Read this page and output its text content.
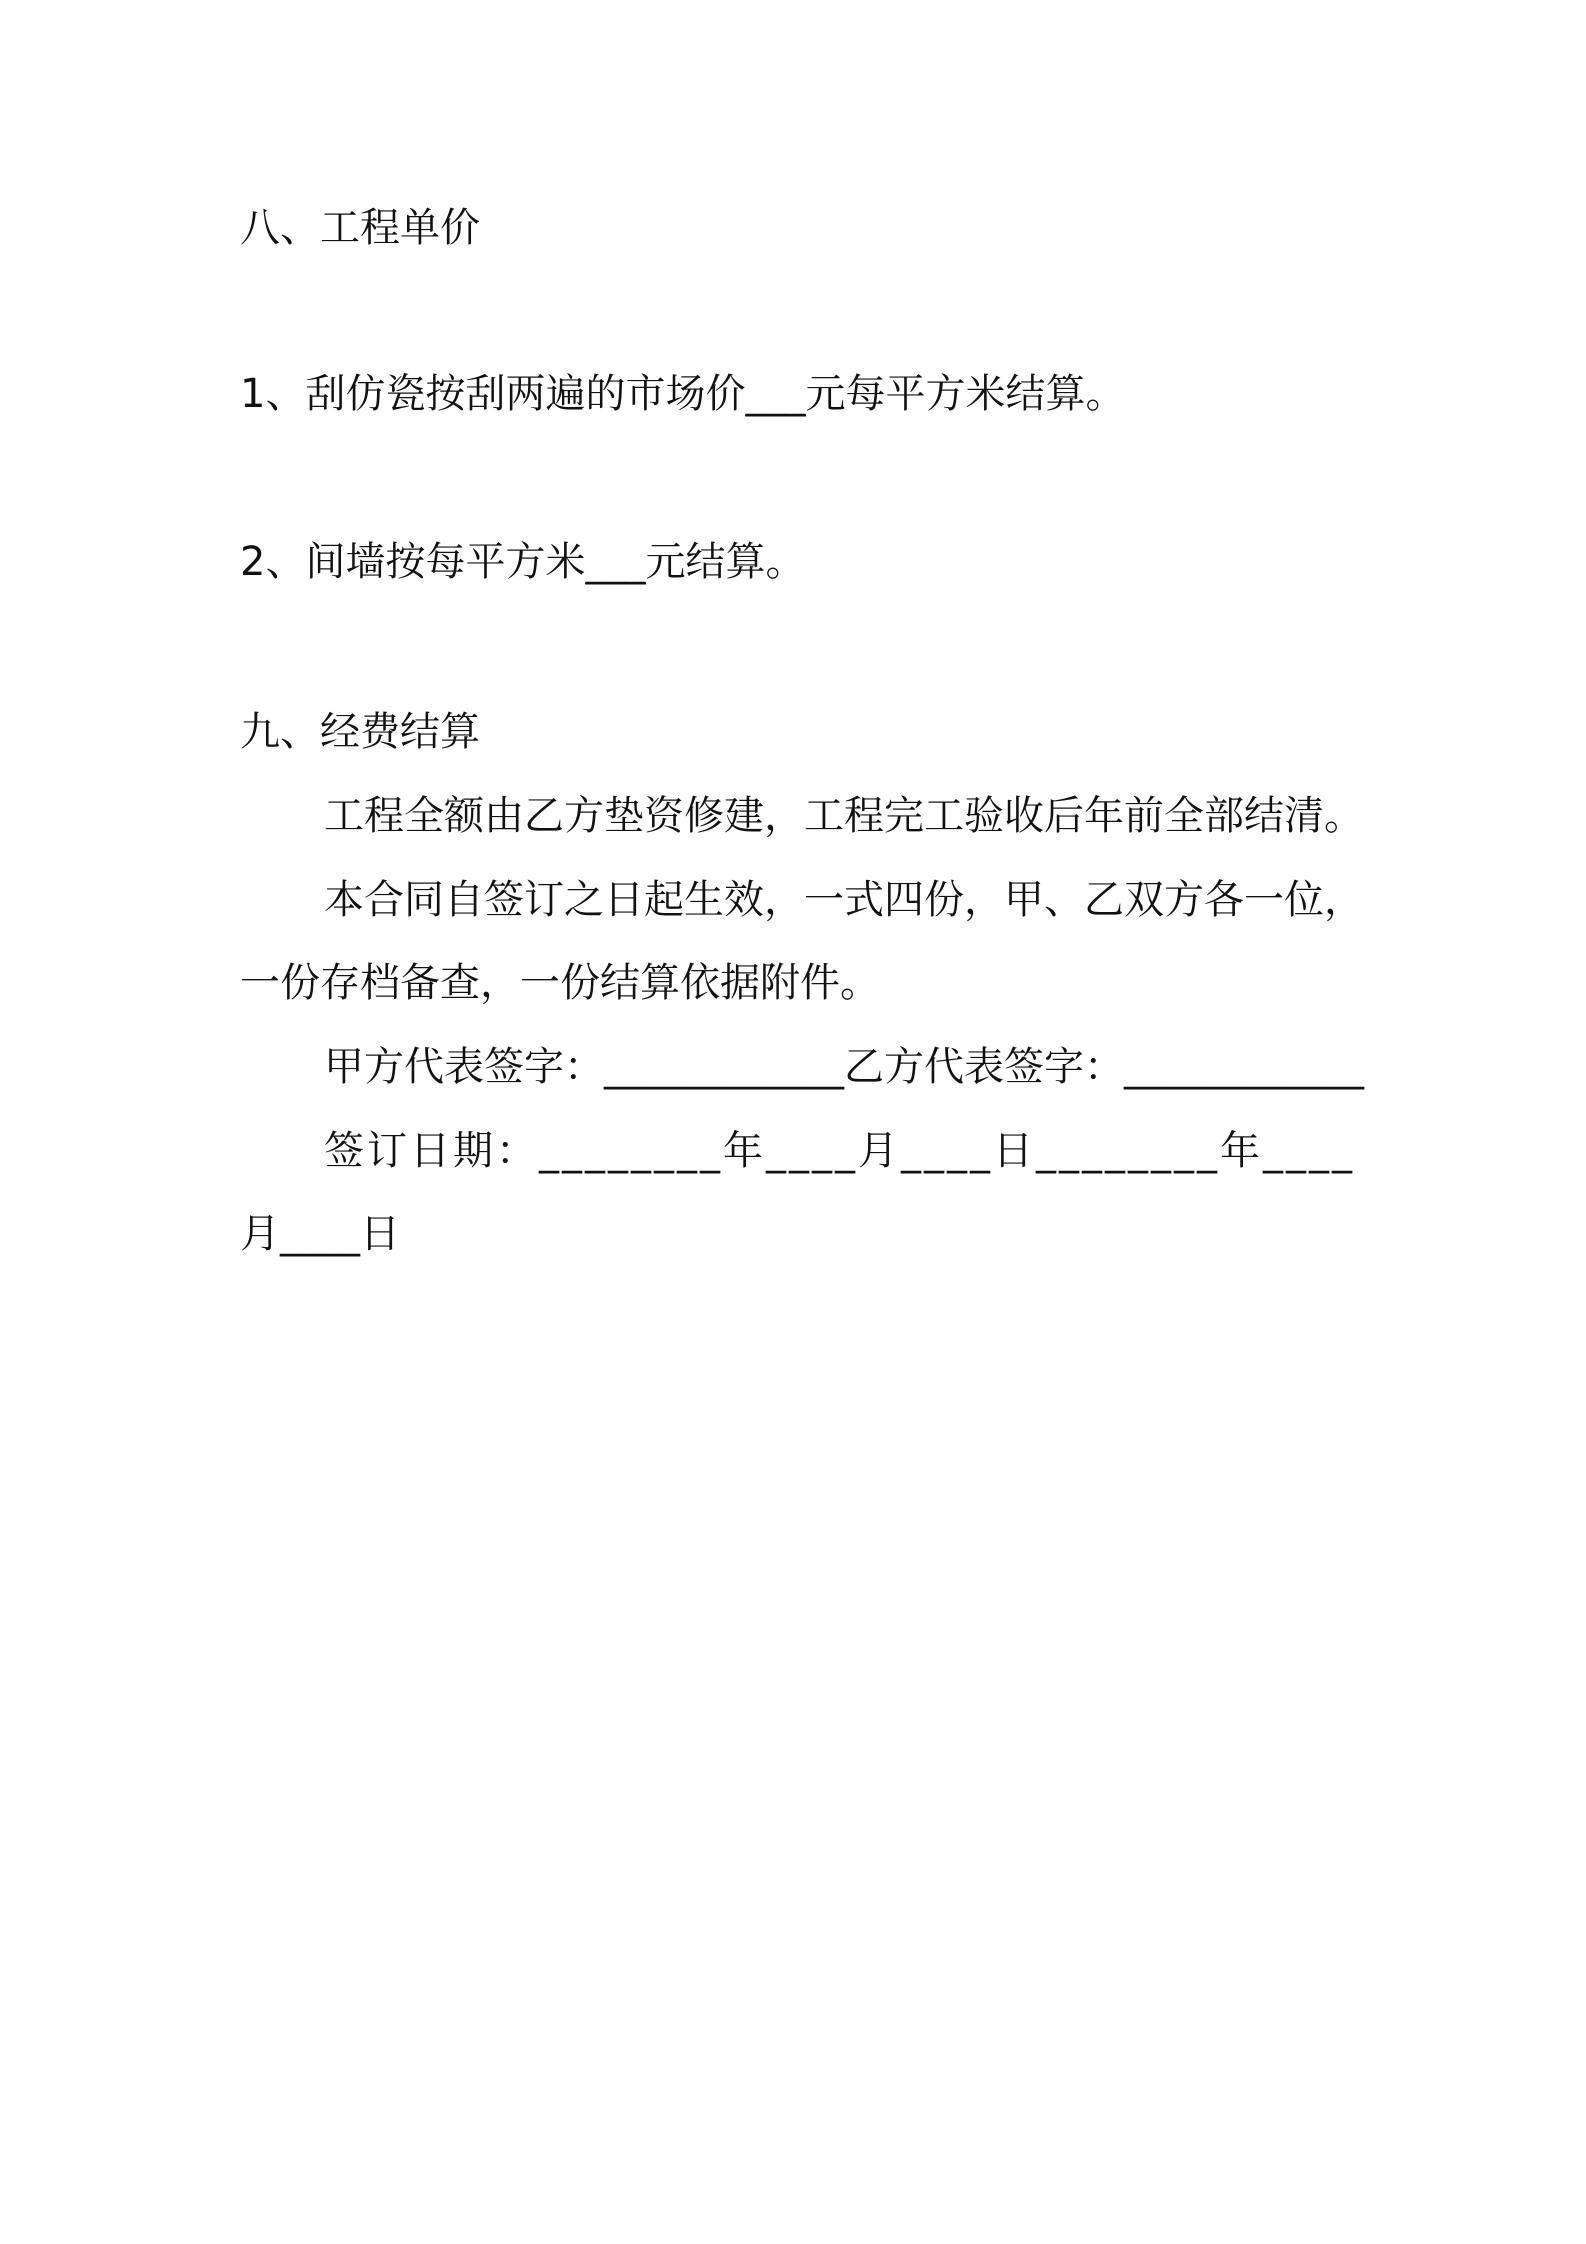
八、工程单价
1、刮仿瓷按刮两遍的市场价___元每平方米结算。
2、间墙按每平方米___元结算。
九、经费结算
工程全额由乙方垫资修建，工程完工验收后年前全部结清。
本合同自签订之日起生效，一式四份，甲、乙双方各一位，
一份存档备查，一份结算依据附件。
甲方代表签字：____________乙方代表签字：____________
签订日期：________年____月____日________年____
月____日
